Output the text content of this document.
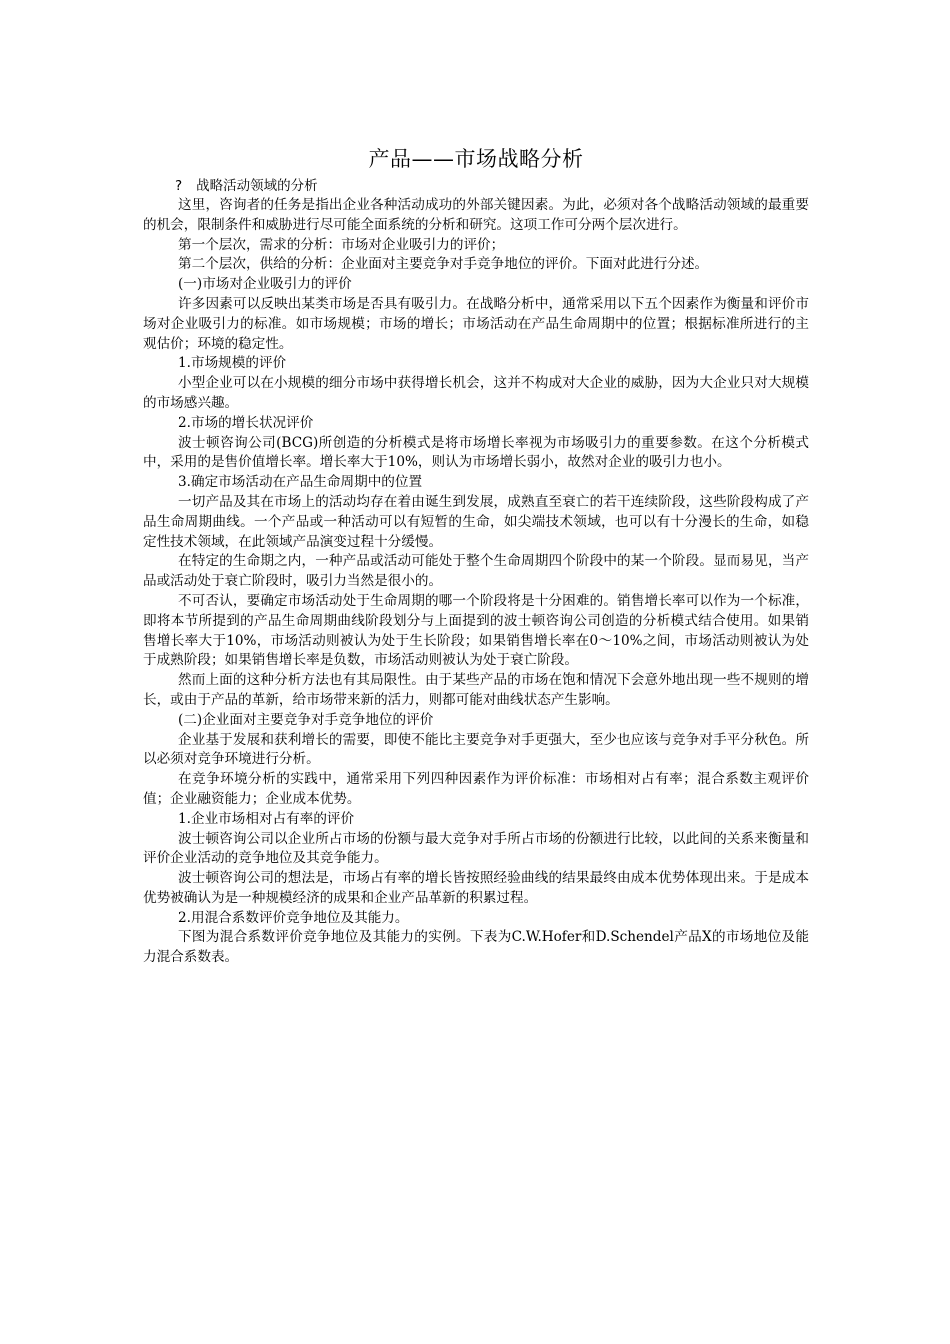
产品——市场战略分析
? 战略活动领域的分析

这里，咨询者的任务是指出企业各种活动成功的外部关键因素。为此，必须对各个战略活动领域的最重要的机会，限制条件和威胁进行尽可能全面系统的分析和研究。这项工作可分两个层次进行。

第一个层次，需求的分析：市场对企业吸引力的评价；

第二个层次，供给的分析：企业面对主要竞争对手竞争地位的评价。下面对此进行分述。

(一)市场对企业吸引力的评价

许多因素可以反映出某类市场是否具有吸引力。在战略分析中，通常采用以下五个因素作为衡量和评价市场对企业吸引力的标准。如市场规模；市场的增长；市场活动在产品生命周期中的位置；根据标准所进行的主观估价；环境的稳定性。

1.市场规模的评价

小型企业可以在小规模的细分市场中获得增长机会，这并不构成对大企业的威胁，因为大企业只对大规模的市场感兴趣。

2.市场的增长状况评价

波士顿咨询公司(BCG)所创造的分析模式是将市场增长率视为市场吸引力的重要参数。在这个分析模式中，采用的是售价值增长率。增长率大于10%，则认为市场增长弱小，故然对企业的吸引力也小。

3.确定市场活动在产品生命周期中的位置

一切产品及其在市场上的活动均存在着由诞生到发展，成熟直至衰亡的若干连续阶段，这些阶段构成了产品生命周期曲线。一个产品或一种活动可以有短暂的生命，如尖端技术领域，也可以有十分漫长的生命，如稳定性技术领域，在此领域产品演变过程十分缓慢。

在特定的生命期之内，一种产品或活动可能处于整个生命周期四个阶段中的某一个阶段。显而易见，当产品或活动处于衰亡阶段时，吸引力当然是很小的。

不可否认，要确定市场活动处于生命周期的哪一个阶段将是十分困难的。销售增长率可以作为一个标准，即将本节所提到的产品生命周期曲线阶段划分与上面提到的波士顿咨询公司创造的分析模式结合使用。如果销售增长率大于10%，市场活动则被认为处于生长阶段；如果销售增长率在0～10%之间，市场活动则被认为处于成熟阶段；如果销售增长率是负数，市场活动则被认为处于衰亡阶段。

然而上面的这种分析方法也有其局限性。由于某些产品的市场在饱和情况下会意外地出现一些不规则的增长，或由于产品的革新，给市场带来新的活力，则都可能对曲线状态产生影响。

(二)企业面对主要竞争对手竞争地位的评价

企业基于发展和获利增长的需要，即使不能比主要竞争对手更强大，至少也应该与竞争对手平分秋色。所以必须对竞争环境进行分析。

在竞争环境分析的实践中，通常采用下列四种因素作为评价标准：市场相对占有率；混合系数主观评价值；企业融资能力；企业成本优势。

1.企业市场相对占有率的评价

波士顿咨询公司以企业所占市场的份额与最大竞争对手所占市场的份额进行比较，以此间的关系来衡量和评价企业活动的竞争地位及其竞争能力。

波士顿咨询公司的想法是，市场占有率的增长皆按照经验曲线的结果最终由成本优势体现出来。于是成本优势被确认为是一种规模经济的成果和企业产品革新的积累过程。

2.用混合系数评价竞争地位及其能力。

下图为混合系数评价竞争地位及其能力的实例。下表为C.W.Hofer和D.Schendel产品X的市场地位及能力混合系数表。
